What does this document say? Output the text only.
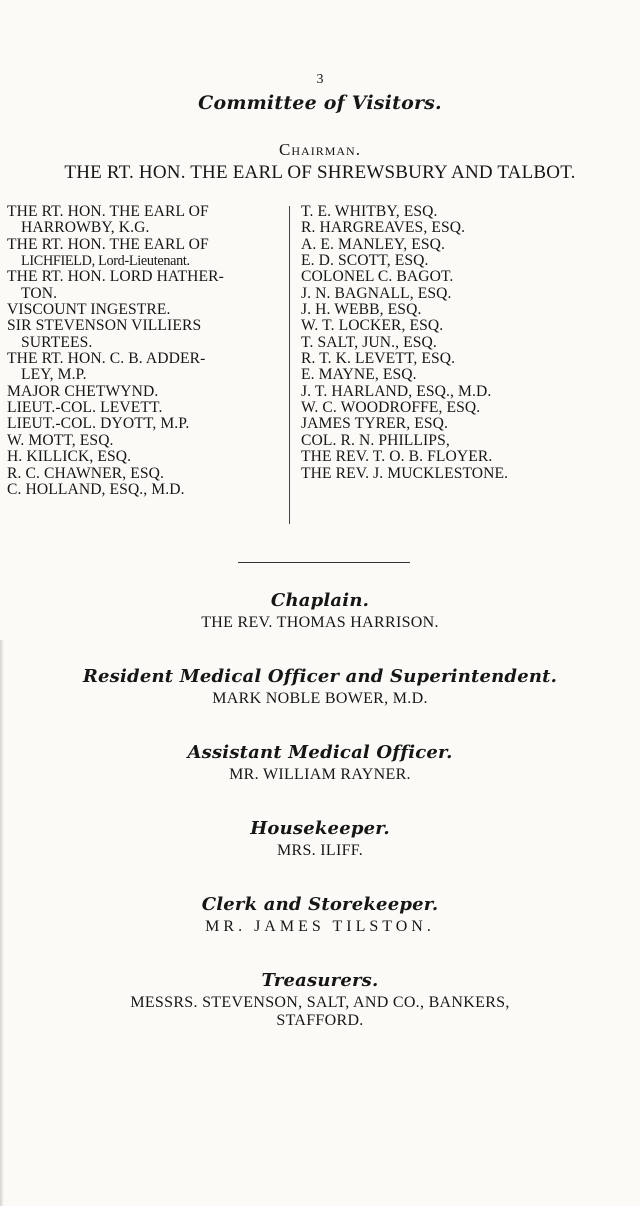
3
Committee of Visitors.
Chairman.
THE RT. HON. THE EARL OF SHREWSBURY AND TALBOT.
THE RT. HON. THE EARL OF
HARROWBY, K.G.
THE RT. HON. THE EARL OF
LICHFIELD, Lord-Lieutenant.
THE RT. HON. LORD HATHER-
TON.
VISCOUNT INGESTRE.
SIR STEVENSON VILLIERS
SURTEES.
THE RT. HON. C. B. ADDER-
LEY, M.P.
MAJOR CHETWYND.
LIEUT.-COL. LEVETT.
LIEUT.-COL. DYOTT, M.P.
W. MOTT, ESQ.
H. KILLICK, ESQ.
R. C. CHAWNER, ESQ.
C. HOLLAND, ESQ., M.D.
T. E. WHITBY, ESQ.
R. HARGREAVES, ESQ.
A. E. MANLEY, ESQ.
E. D. SCOTT, ESQ.
COLONEL C. BAGOT.
J. N. BAGNALL, ESQ.
J. H. WEBB, ESQ.
W. T. LOCKER, ESQ.
T. SALT, JUN., ESQ.
R. T. K. LEVETT, ESQ.
E. MAYNE, ESQ.
J. T. HARLAND, ESQ., M.D.
W. C. WOODROFFE, ESQ.
JAMES TYRER, ESQ.
COL. R. N. PHILLIPS,
THE REV. T. O. B. FLOYER.
THE REV. J. MUCKLESTONE.
Chaplain.
THE REV. THOMAS HARRISON.
Resident Medical Officer and Superintendent.
MARK NOBLE BOWER, M.D.
Assistant Medical Officer.
MR. WILLIAM RAYNER.
Housekeeper.
MRS. ILIFF.
Clerk and Storekeeper.
MR. JAMES TILSTON.
Treasurers.
MESSRS. STEVENSON, SALT, AND CO., BANKERS,
STAFFORD.
